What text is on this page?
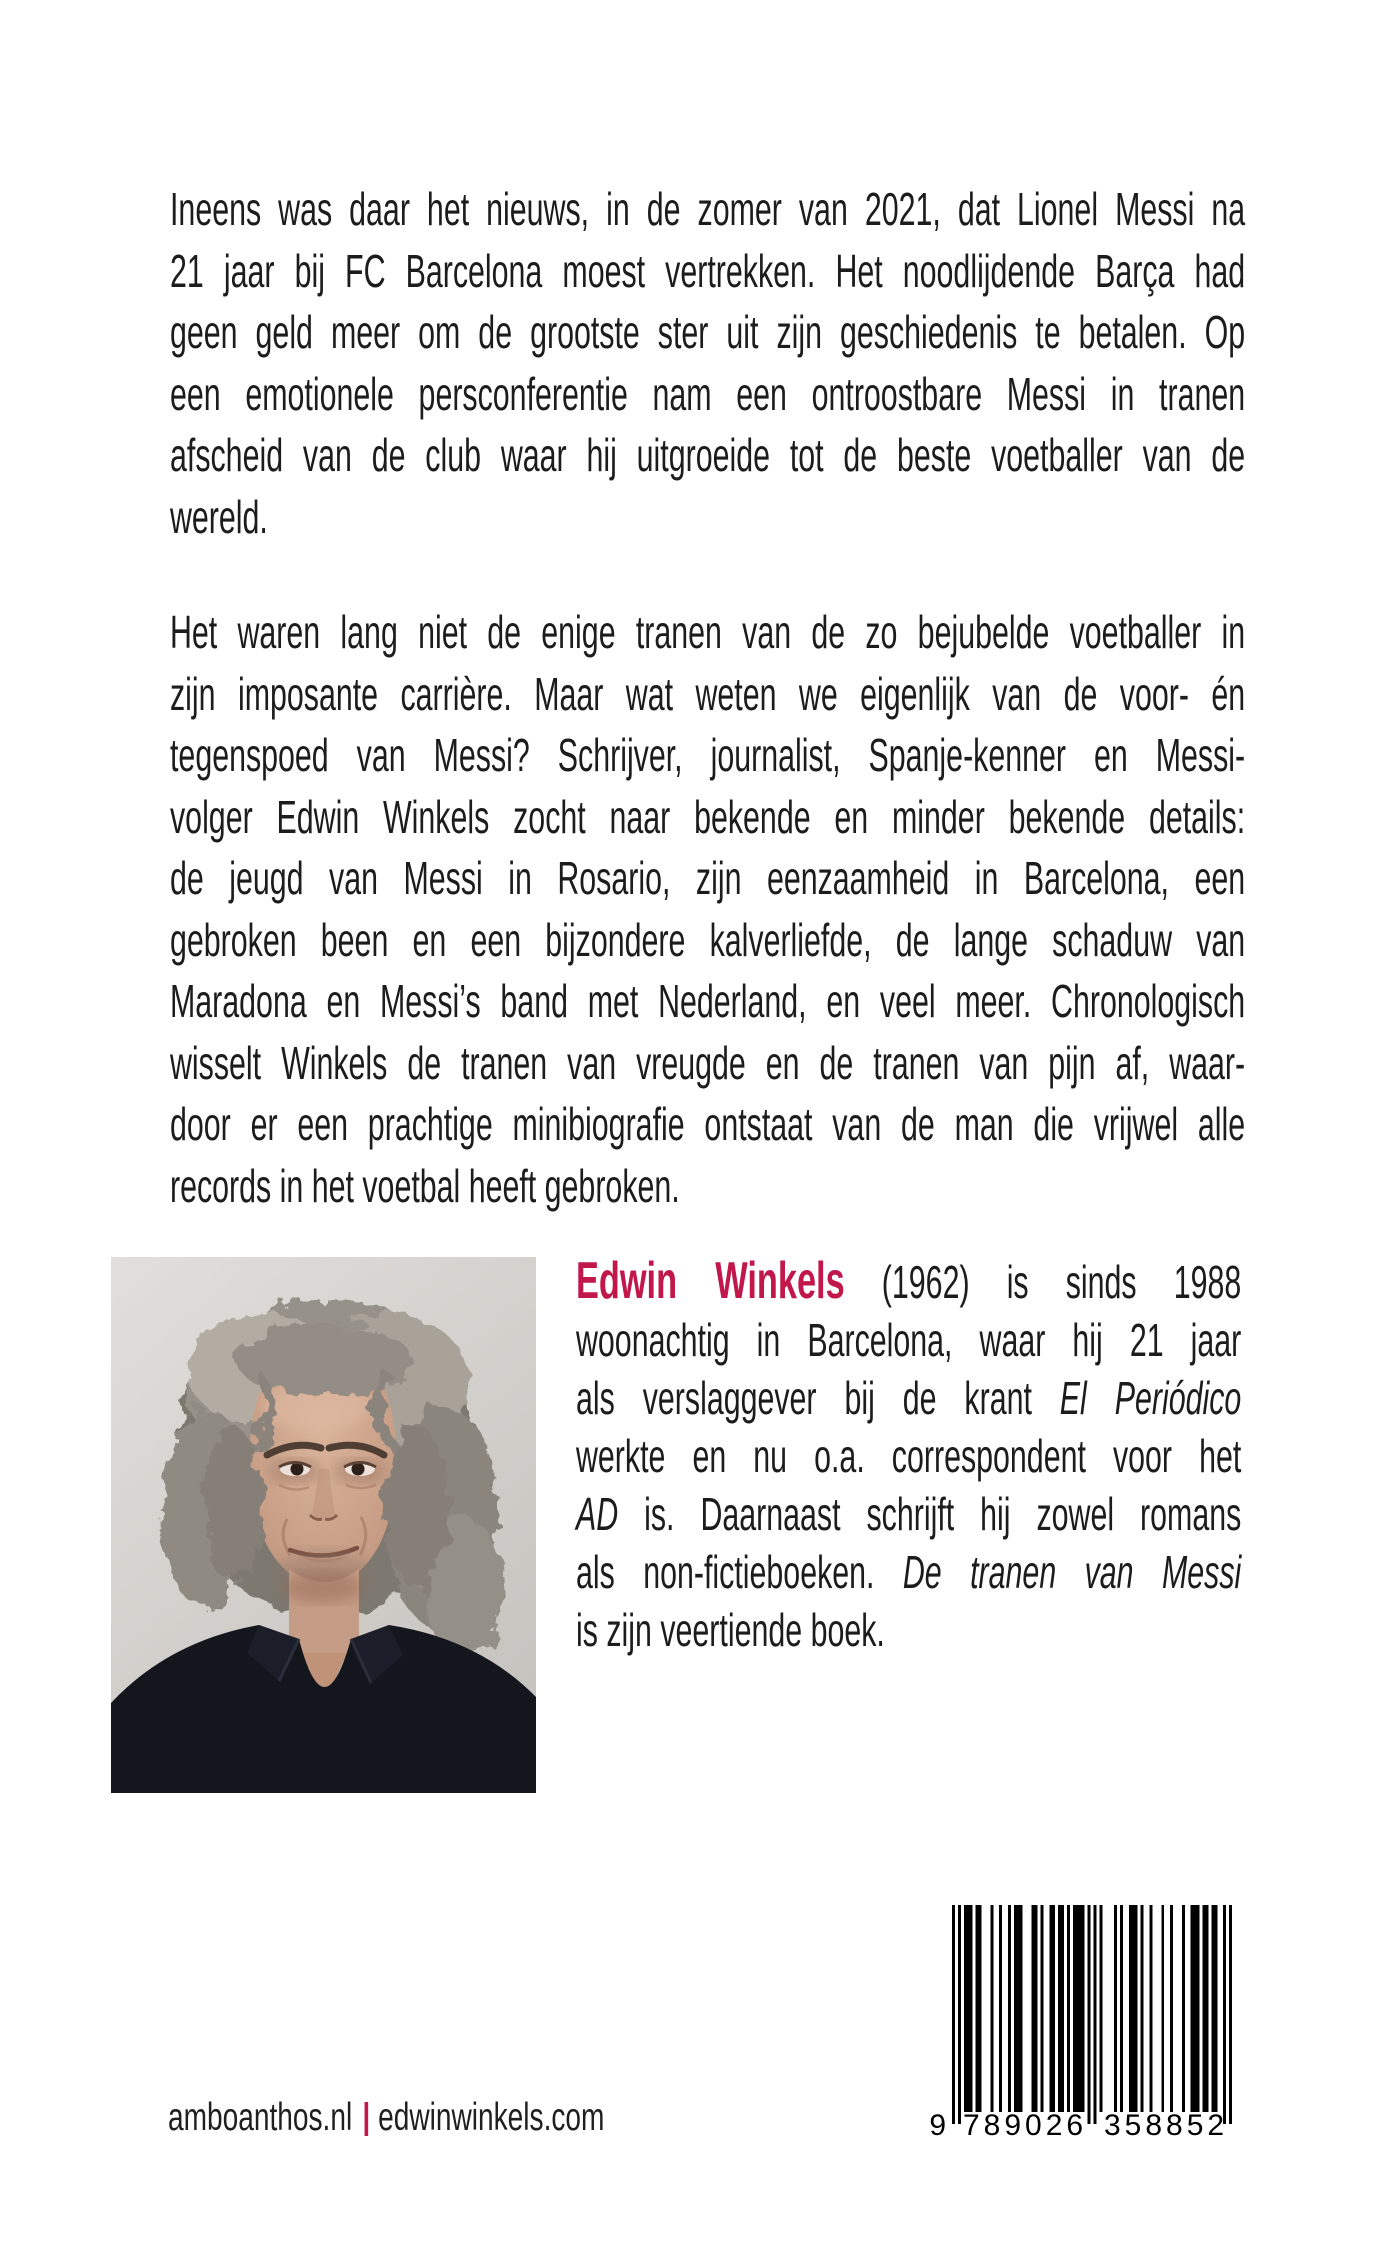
Ineens was daar het nieuws, in de zomer van 2021, dat Lionel Messi na
21 jaar bij FC Barcelona moest vertrekken. Het noodlijdende Barça had
geen geld meer om de grootste ster uit zijn geschiedenis te betalen. Op
een emotionele persconferentie nam een ontroostbare Messi in tranen
afscheid van de club waar hij uitgroeide tot de beste voetballer van de
wereld.
Het waren lang niet de enige tranen van de zo bejubelde voetballer in
zijn imposante carrière. Maar wat weten we eigenlijk van de voor- én
tegenspoed van Messi? Schrijver, journalist, Spanje-kenner en Messi-
volger Edwin Winkels zocht naar bekende en minder bekende details:
de jeugd van Messi in Rosario, zijn eenzaamheid in Barcelona, een
gebroken been en een bijzondere kalverliefde, de lange schaduw van
Maradona en Messi’s band met Nederland, en veel meer. Chronologisch
wisselt Winkels de tranen van vreugde en de tranen van pijn af, waar-
door er een prachtige minibiografie ontstaat van de man die vrijwel alle
records in het voetbal heeft gebroken.
Edwin Winkels (1962) is sinds 1988
woonachtig in Barcelona, waar hij 21 jaar
als verslaggever bij de krant El Periódico
werkte en nu o.a. correspondent voor het
AD is. Daarnaast schrijft hij zowel romans
als non-fictieboeken. De tranen van Messi
is zijn veertiende boek.
9 789026 358852
amboanthos.nl edwinwinkels.com
